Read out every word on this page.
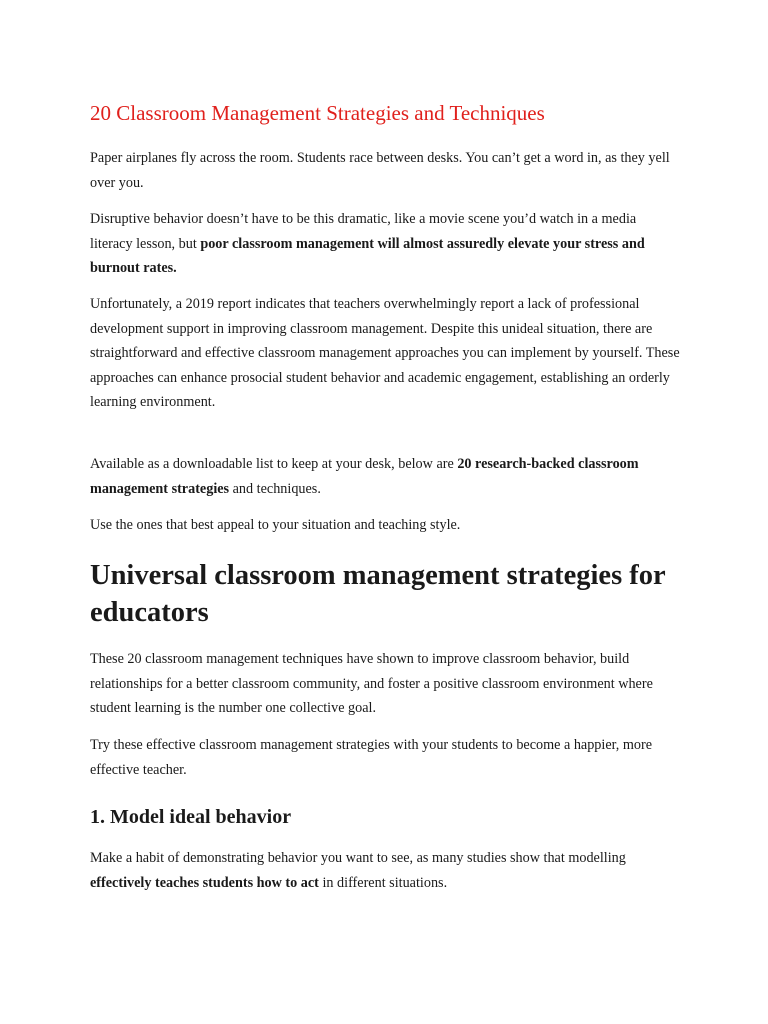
20 Classroom Management Strategies and Techniques

Paper airplanes fly across the room. Students race between desks. You can’t get a word in, as they yell over you.

Disruptive behavior doesn’t have to be this dramatic, like a movie scene you’d watch in a media literacy lesson, but poor classroom management will almost assuredly elevate your stress and burnout rates.

Unfortunately, a 2019 report indicates that teachers overwhelmingly report a lack of professional development support in improving classroom management. Despite this unideal situation, there are straightforward and effective classroom management approaches you can implement by yourself. These approaches can enhance prosocial student behavior and academic engagement, establishing an orderly learning environment.

Available as a downloadable list to keep at your desk, below are 20 research-backed classroom management strategies and techniques.

Use the ones that best appeal to your situation and teaching style.

Universal classroom management strategies for educators

These 20 classroom management techniques have shown to improve classroom behavior, build relationships for a better classroom community, and foster a positive classroom environment where student learning is the number one collective goal.

Try these effective classroom management strategies with your students to become a happier, more effective teacher.

1. Model ideal behavior

Make a habit of demonstrating behavior you want to see, as many studies show that modelling effectively teaches students how to act in different situations.
